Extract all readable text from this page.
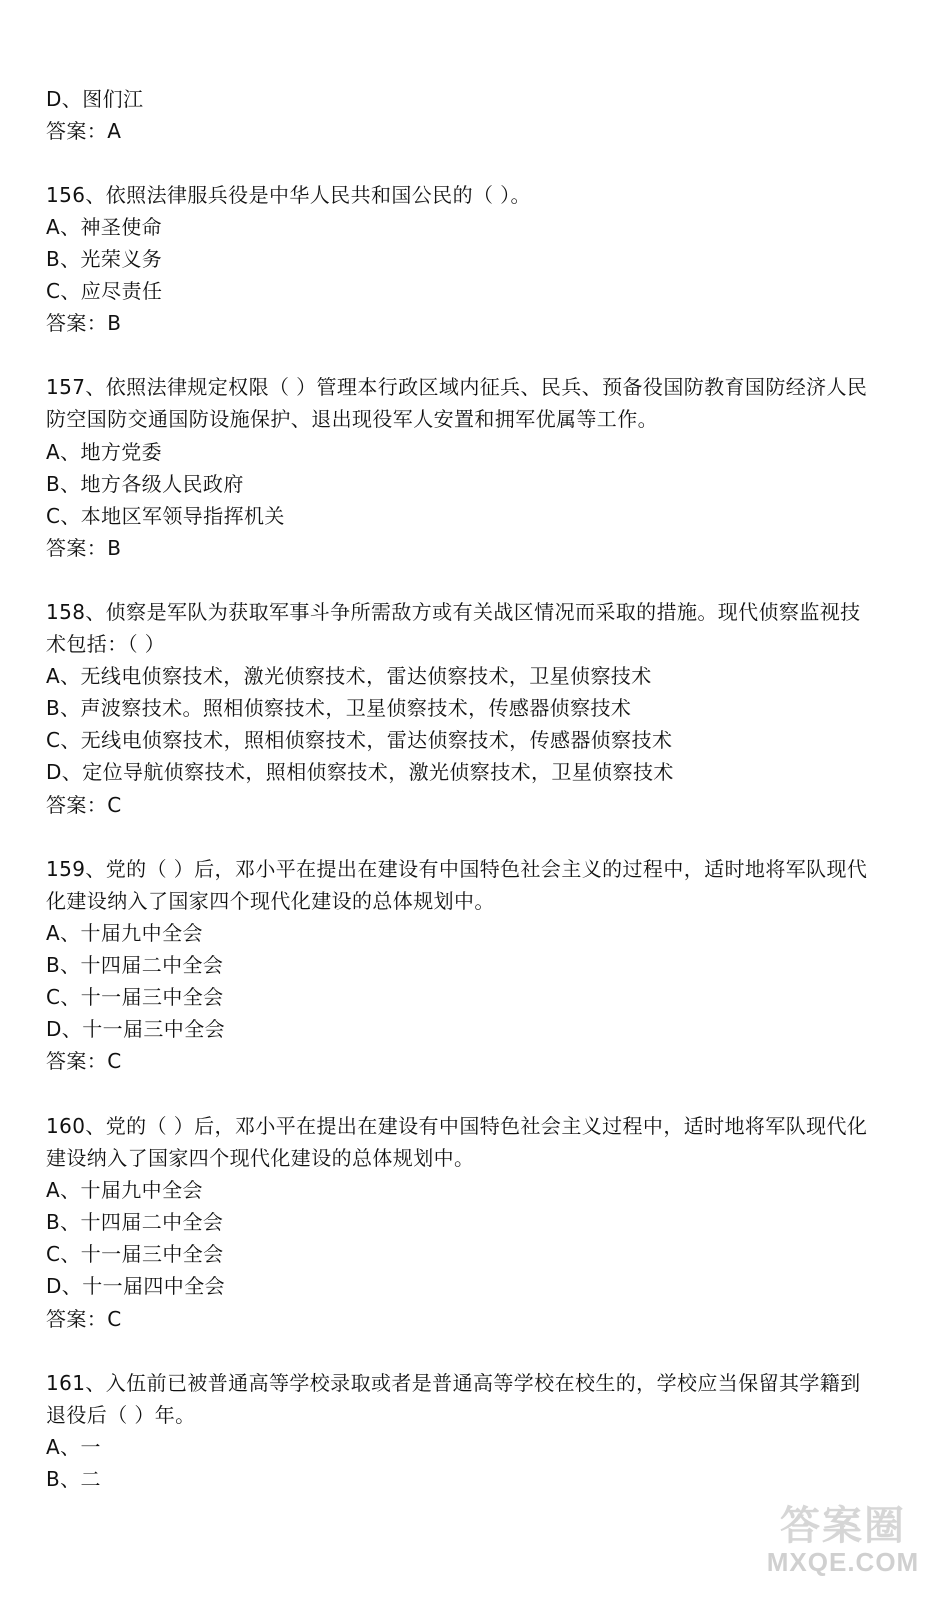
D、图们江
答案：A
156、依照法律服兵役是中华人民共和国公民的（ ）。
A、神圣使命
B、光荣义务
C、应尽责任
答案：B
157、依照法律规定权限（ ）管理本行政区域内征兵、民兵、预备役国防教育国防经济人民
防空国防交通国防设施保护、退出现役军人安置和拥军优属等工作。
A、地方党委
B、地方各级人民政府
C、本地区军领导指挥机关
答案：B
158、侦察是军队为获取军事斗争所需敌方或有关战区情况而采取的措施。现代侦察监视技
术包括：（ ）
A、无线电侦察技术，激光侦察技术，雷达侦察技术，卫星侦察技术
B、声波察技术。照相侦察技术，卫星侦察技术，传感器侦察技术
C、无线电侦察技术，照相侦察技术，雷达侦察技术，传感器侦察技术
D、定位导航侦察技术，照相侦察技术，激光侦察技术，卫星侦察技术
答案：C
159、党的（ ）后，邓小平在提出在建设有中国特色社会主义的过程中，适时地将军队现代
化建设纳入了国家四个现代化建设的总体规划中。
A、十届九中全会
B、十四届二中全会
C、十一届三中全会
D、十一届三中全会
答案：C
160、党的（ ）后，邓小平在提出在建设有中国特色社会主义过程中，适时地将军队现代化
建设纳入了国家四个现代化建设的总体规划中。
A、十届九中全会
B、十四届二中全会
C、十一届三中全会
D、十一届四中全会
答案：C
161、入伍前已被普通高等学校录取或者是普通高等学校在校生的，学校应当保留其学籍到
退役后（ ）年。
A、一
B、二
答案圈
MXQE.COM
